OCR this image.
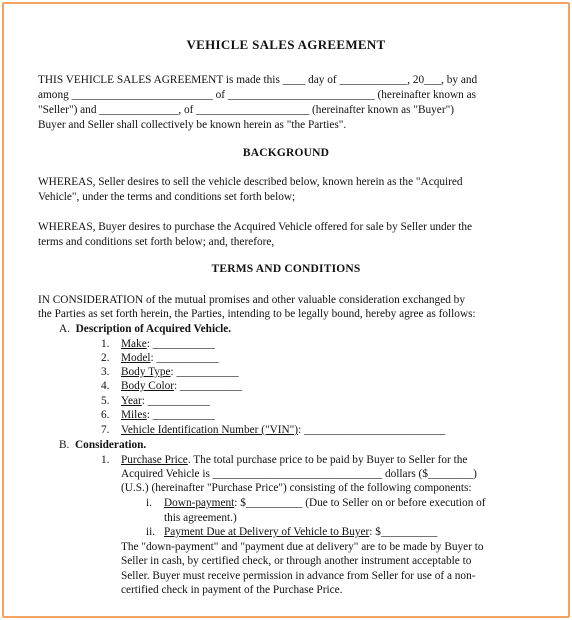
VEHICLE SALES AGREEMENT
THIS VEHICLE SALES AGREEMENT is made this ____ day of ____________, 20___, by and
among _________________________ of __________________________ (hereinafter known as
"Seller") and ______________, of ____________________ (hereinafter known as "Buyer")
Buyer and Seller shall collectively be known herein as "the Parties".
BACKGROUND
WHEREAS, Seller desires to sell the vehicle described below, known herein as the "Acquired
Vehicle", under the terms and conditions set forth below;
WHEREAS, Buyer desires to purchase the Acquired Vehicle offered for sale by Seller under the
terms and conditions set forth below; and, therefore,
TERMS AND CONDITIONS
IN CONSIDERATION of the mutual promises and other valuable consideration exchanged by
the Parties as set forth herein, the Parties, intending to be legally bound, hereby agree as follows:
A. Description of Acquired Vehicle.
1. Make: ___________
2. Model: ___________
3. Body Type: ___________
4. Body Color: ___________
5. Year: ___________
6. Miles: ___________
7. Vehicle Identification Number ("VIN"): _________________________
B. Consideration.
1. Purchase Price. The total purchase price to be paid by Buyer to Seller for the
Acquired Vehicle is ______________________________ dollars ($________)
(U.S.) (hereinafter "Purchase Price") consisting of the following components:
i. Down-payment: $__________ (Due to Seller on or before execution of
this agreement.)
ii. Payment Due at Delivery of Vehicle to Buyer: $__________
The "down-payment" and "payment due at delivery" are to be made by Buyer to
Seller in cash, by certified check, or through another instrument acceptable to
Seller. Buyer must receive permission in advance from Seller for use of a non-
certified check in payment of the Purchase Price.
